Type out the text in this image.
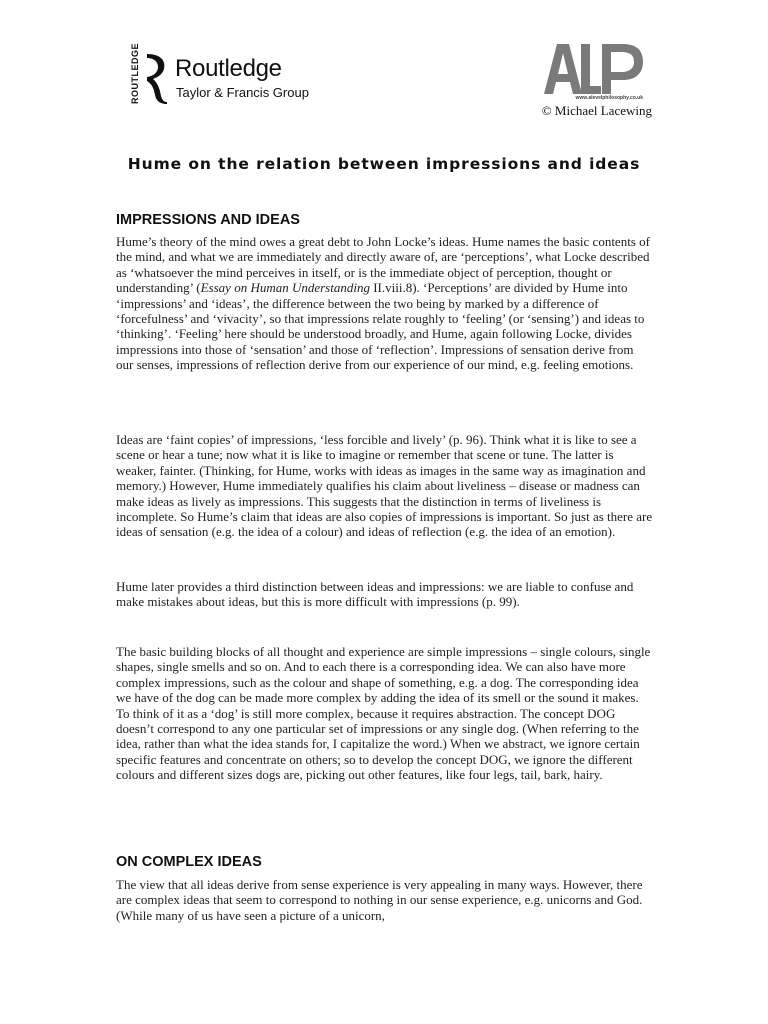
ROUTLEDGE Routledge
Taylor & Francis Group	www.alevelphilosophy.co.uk
© Michael Lacewing
Hume on the relation between impressions and ideas
IMPRESSIONS AND IDEAS

Hume’s theory of the mind owes a great debt to John Locke’s ideas. Hume names the basic contents of the mind, and what we are immediately and directly aware of, are ‘perceptions’, what Locke described as ‘whatsoever the mind perceives in itself, or is the immediate object of perception, thought or understanding’ (Essay on Human Understanding II.viii.8). ‘Perceptions’ are divided by Hume into ‘impressions’ and ‘ideas’, the difference between the two being by marked by a difference of ‘forcefulness’ and ‘vivacity’, so that impressions relate roughly to ‘feeling’ (or ‘sensing’) and ideas to ‘thinking’. ‘Feeling’ here should be understood broadly, and Hume, again following Locke, divides impressions into those of ‘sensation’ and those of ‘reflection’. Impressions of sensation derive from our senses, impressions of reflection derive from our experience of our mind, e.g. feeling emotions.

Ideas are ‘faint copies’ of impressions, ‘less forcible and lively’ (p. 96). Think what it is like to see a scene or hear a tune; now what it is like to imagine or remember that scene or tune. The latter is weaker, fainter. (Thinking, for Hume, works with ideas as images in the same way as imagination and memory.) However, Hume immediately qualifies his claim about liveliness – disease or madness can make ideas as lively as impressions. This suggests that the distinction in terms of liveliness is incomplete. So Hume’s claim that ideas are also copies of impressions is important. So just as there are ideas of sensation (e.g. the idea of a colour) and ideas of reflection (e.g. the idea of an emotion).

Hume later provides a third distinction between ideas and impressions: we are liable to confuse and make mistakes about ideas, but this is more difficult with impressions (p. 99).

The basic building blocks of all thought and experience are simple impressions – single colours, single shapes, single smells and so on. And to each there is a corresponding idea. We can also have more complex impressions, such as the colour and shape of something, e.g. a dog. The corresponding idea we have of the dog can be made more complex by adding the idea of its smell or the sound it makes. To think of it as a ‘dog’ is still more complex, because it requires abstraction. The concept DOG doesn’t correspond to any one particular set of impressions or any single dog. (When referring to the idea, rather than what the idea stands for, I capitalize the word.) When we abstract, we ignore certain specific features and concentrate on others; so to develop the concept DOG, we ignore the different colours and different sizes dogs are, picking out other features, like four legs, tail, bark, hairy.

ON COMPLEX IDEAS

The view that all ideas derive from sense experience is very appealing in many ways. However, there are complex ideas that seem to correspond to nothing in our sense experience, e.g. unicorns and God. (While many of us have seen a picture of a unicorn,
